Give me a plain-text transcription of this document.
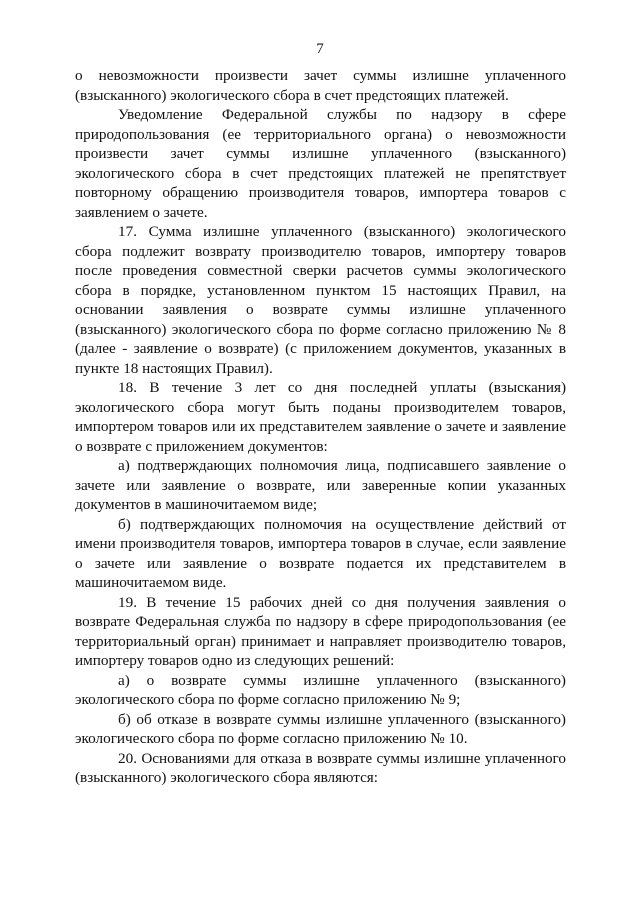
7

о невозможности произвести зачет суммы излишне уплаченного (взысканного) экологического сбора в счет предстоящих платежей.

Уведомление Федеральной службы по надзору в сфере природопользования (ее территориального органа) о невозможности произвести зачет суммы излишне уплаченного (взысканного) экологического сбора в счет предстоящих платежей не препятствует повторному обращению производителя товаров, импортера товаров с заявлением о зачете.

17. Сумма излишне уплаченного (взысканного) экологического сбора подлежит возврату производителю товаров, импортеру товаров после проведения совместной сверки расчетов суммы экологического сбора в порядке, установленном пунктом 15 настоящих Правил, на основании заявления о возврате суммы излишне уплаченного (взысканного) экологического сбора по форме согласно приложению № 8 (далее - заявление о возврате) (с приложением документов, указанных в пункте 18 настоящих Правил).

18. В течение 3 лет со дня последней уплаты (взыскания) экологического сбора могут быть поданы производителем товаров, импортером товаров или их представителем заявление о зачете и заявление о возврате с приложением документов:

а) подтверждающих полномочия лица, подписавшего заявление о зачете или заявление о возврате, или заверенные копии указанных документов в машиночитаемом виде;

б) подтверждающих полномочия на осуществление действий от имени производителя товаров, импортера товаров в случае, если заявление о зачете или заявление о возврате подается их представителем в машиночитаемом виде.

19. В течение 15 рабочих дней со дня получения заявления о возврате Федеральная служба по надзору в сфере природопользования (ее территориальный орган) принимает и направляет производителю товаров, импортеру товаров одно из следующих решений:

а) о возврате суммы излишне уплаченного (взысканного) экологического сбора по форме согласно приложению № 9;

б) об отказе в возврате суммы излишне уплаченного (взысканного) экологического сбора по форме согласно приложению № 10.

20. Основаниями для отказа в возврате суммы излишне уплаченного (взысканного) экологического сбора являются:
